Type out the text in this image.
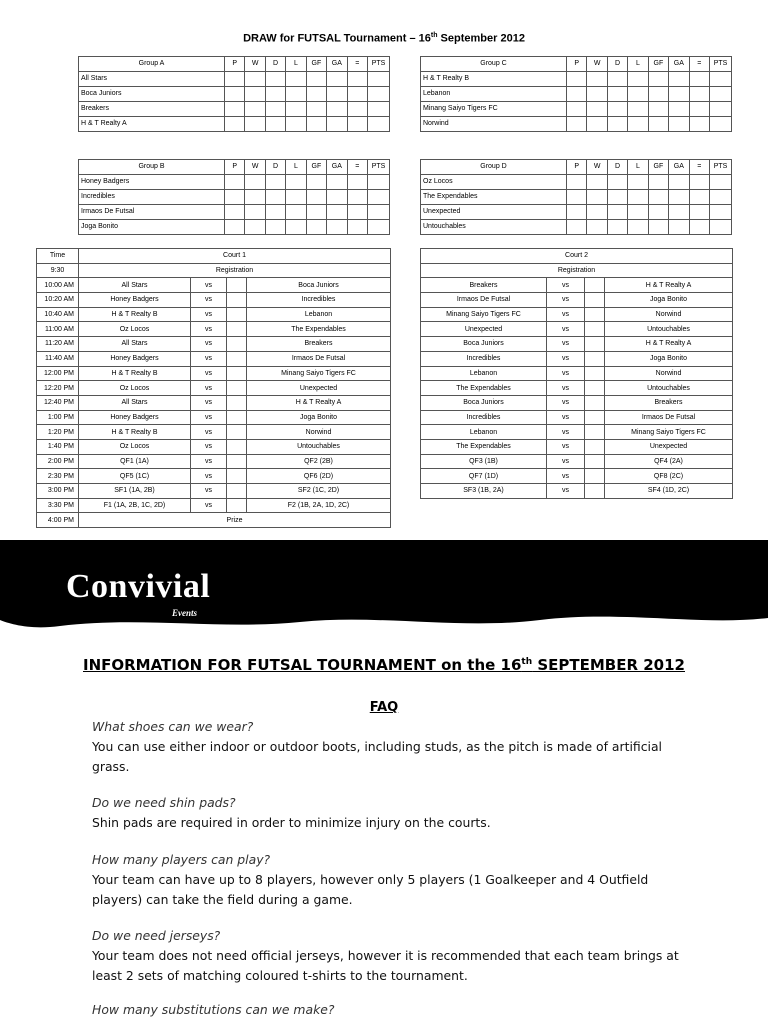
DRAW for FUTSAL Tournament – 16th September 2012
Group A	P	W	D	L	GF	GA	=	PTS
All Stars								
Boca Juniors								
Breakers								
H & T Realty A								
Group C	P	W	D	L	GF	GA	=	PTS
H & T Realty B								
Lebanon								
Minang Saiyo Tigers FC								
Norwind								
Group B	P	W	D	L	GF	GA	=	PTS
Honey Badgers								
Incredibles								
Irmaos De Futsal								
Joga Bonito								
Group D	P	W	D	L	GF	GA	=	PTS
Oz Locos								
The Expendables								
Unexpected								
Untouchables								
Time	Court 1			
9:30	Registration			
10:00 AM	All Stars	vs		Boca Juniors
10:20 AM	Honey Badgers	vs		Incredibles
10:40 AM	H & T Realty B	vs		Lebanon
11:00 AM	Oz Locos	vs		The Expendables
11:20 AM	All Stars	vs		Breakers
11:40 AM	Honey Badgers	vs		Irmaos De Futsal
12:00 PM	H & T Realty B	vs		Minang Saiyo Tigers FC
12:20 PM	Oz Locos	vs		Unexpected
12:40 PM	All Stars	vs		H & T Realty A
1:00 PM	Honey Badgers	vs		Joga Bonito
1:20 PM	H & T Realty B	vs		Norwind
1:40 PM	Oz Locos	vs		Untouchables
2:00 PM	QF1 (1A)	vs		QF2 (2B)
2:30 PM	QF5 (1C)	vs		QF6 (2D)
3:00 PM	SF1 (1A, 2B)	vs		SF2 (1C, 2D)
3:30 PM	F1 (1A, 2B, 1C, 2D)	vs		F2 (1B, 2A, 1D, 2C)
4:00 PM	Prize			
Court 2			
Registration			
Breakers	vs		H & T Realty A
Irmaos De Futsal	vs		Joga Bonito
Minang Saiyo Tigers FC	vs		Norwind
Unexpected	vs		Untouchables
Boca Juniors	vs		H & T Realty A
Incredibles	vs		Joga Bonito
Lebanon	vs		Norwind
The Expendables	vs		Untouchables
Boca Juniors	vs		Breakers
Incredibles	vs		Irmaos De Futsal
Lebanon	vs		Minang Saiyo Tigers FC
The Expendables	vs		Unexpected
QF3 (1B)	vs		QF4 (2A)
QF7 (1D)	vs		QF8 (2C)
SF3 (1B, 2A)	vs		SF4 (1D, 2C)
Convivial
Events
INFORMATION FOR FUTSAL TOURNAMENT on the 16th SEPTEMBER 2012
FAQ
What shoes can we wear?
You can use either indoor or outdoor boots, including studs, as the pitch is made of artificial grass.
Do we need shin pads?
Shin pads are required in order to minimize injury on the courts.
How many players can play?
Your team can have up to 8 players, however only 5 players (1 Goalkeeper and 4 Outfield players) can take the field during a game.
Do we need jerseys?
Your team does not need official jerseys, however it is recommended that each team brings at least 2 sets of matching coloured t-shirts to the tournament.
How many substitutions can we make?
